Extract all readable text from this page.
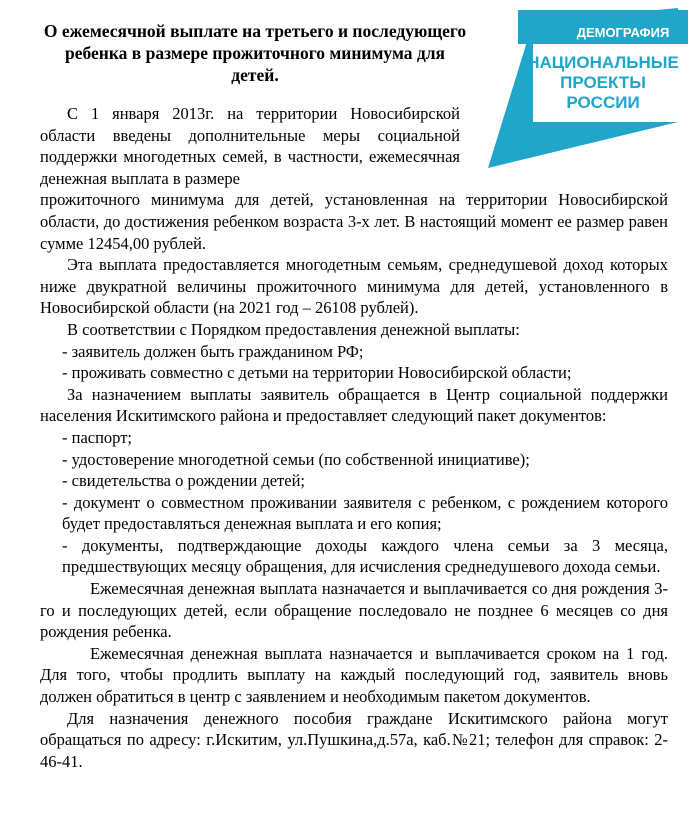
О ежемесячной выплате на третьего и последующего ребенка в размере прожиточного минимума для детей.
ДЕМОГРАФИЯ
НАЦИОНАЛЬНЫЕ
ПРОЕКТЫ
РОССИИ

С 1 января 2013г. на территории Новосибирской области введены дополнительные меры социальной поддержки многодетных семей, в частности, ежемесячная денежная выплата в размере

прожиточного минимума для детей, установленная на территории Новосибирской области, до достижения ребенком возраста 3-х лет. В настоящий момент ее размер равен сумме 12454,00 рублей.

Эта выплата предоставляется многодетным семьям, среднедушевой доход которых ниже двукратной величины прожиточного минимума для детей, установленного в Новосибирской области (на 2021 год – 26108 рублей).

В соответствии с Порядком предоставления денежной выплаты:

- заявитель должен быть гражданином РФ;

- проживать совместно с детьми на территории Новосибирской области;

За назначением выплаты заявитель обращается в Центр социальной поддержки населения Искитимского района и предоставляет следующий пакет документов:

- паспорт;

- удостоверение многодетной семьи (по собственной инициативе);

- свидетельства о рождении детей;

- документ о совместном проживании заявителя с ребенком, с рождением которого будет предоставляться денежная выплата и его копия;

- документы, подтверждающие доходы каждого члена семьи за 3 месяца, предшествующих месяцу обращения, для исчисления среднедушевого дохода семьи.

Ежемесячная денежная выплата назначается и выплачивается со дня рождения 3-го и последующих детей, если обращение последовало не позднее 6 месяцев со дня рождения ребенка.

Ежемесячная денежная выплата назначается и выплачивается сроком на 1 год. Для того, чтобы продлить выплату на каждый последующий год, заявитель вновь должен обратиться в центр с заявлением и необходимым пакетом документов.

Для назначения денежного пособия граждане Искитимского района могут обращаться по адресу: г.Искитим, ул.Пушкина,д.57а, каб.№21; телефон для справок: 2-46-41.
